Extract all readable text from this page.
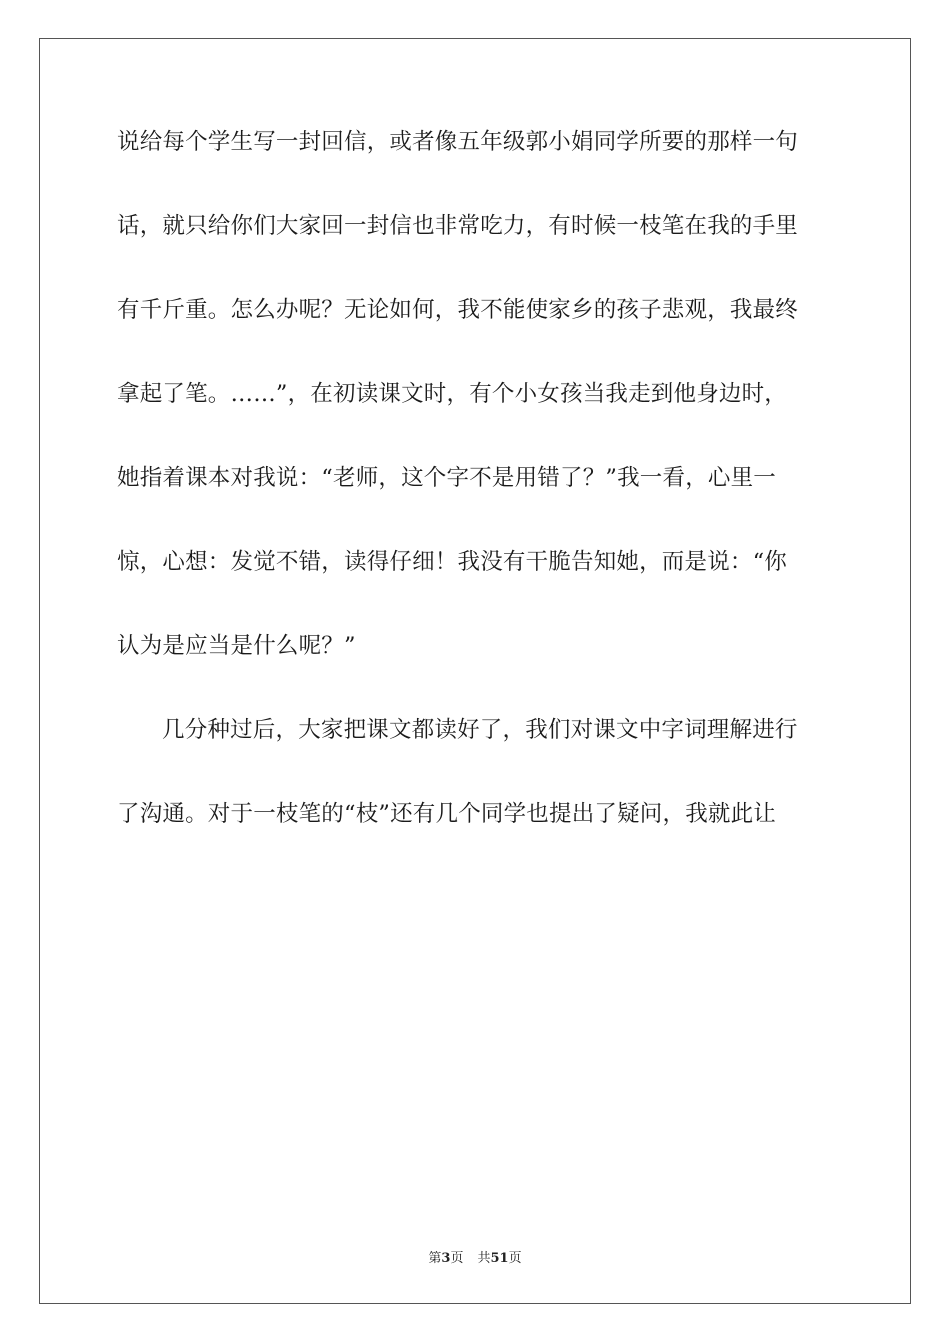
说给每个学生写一封回信，或者像五年级郭小娟同学所要的那样一句
话，就只给你们大家回一封信也非常吃力，有时候一枝笔在我的手里
有千斤重。怎么办呢？无论如何，我不能使家乡的孩子悲观，我最终
拿起了笔。……”，在初读课文时，有个小女孩当我走到他身边时，
她指着课本对我说：“老师，这个字不是用错了？”我一看，心里一
惊，心想：发觉不错，读得仔细！我没有干脆告知她，而是说：“你
认为是应当是什么呢？”
几分种过后，大家把课文都读好了，我们对课文中字词理解进行
了沟通。对于一枝笔的“枝”还有几个同学也提出了疑问，我就此让
第3页 共51页
